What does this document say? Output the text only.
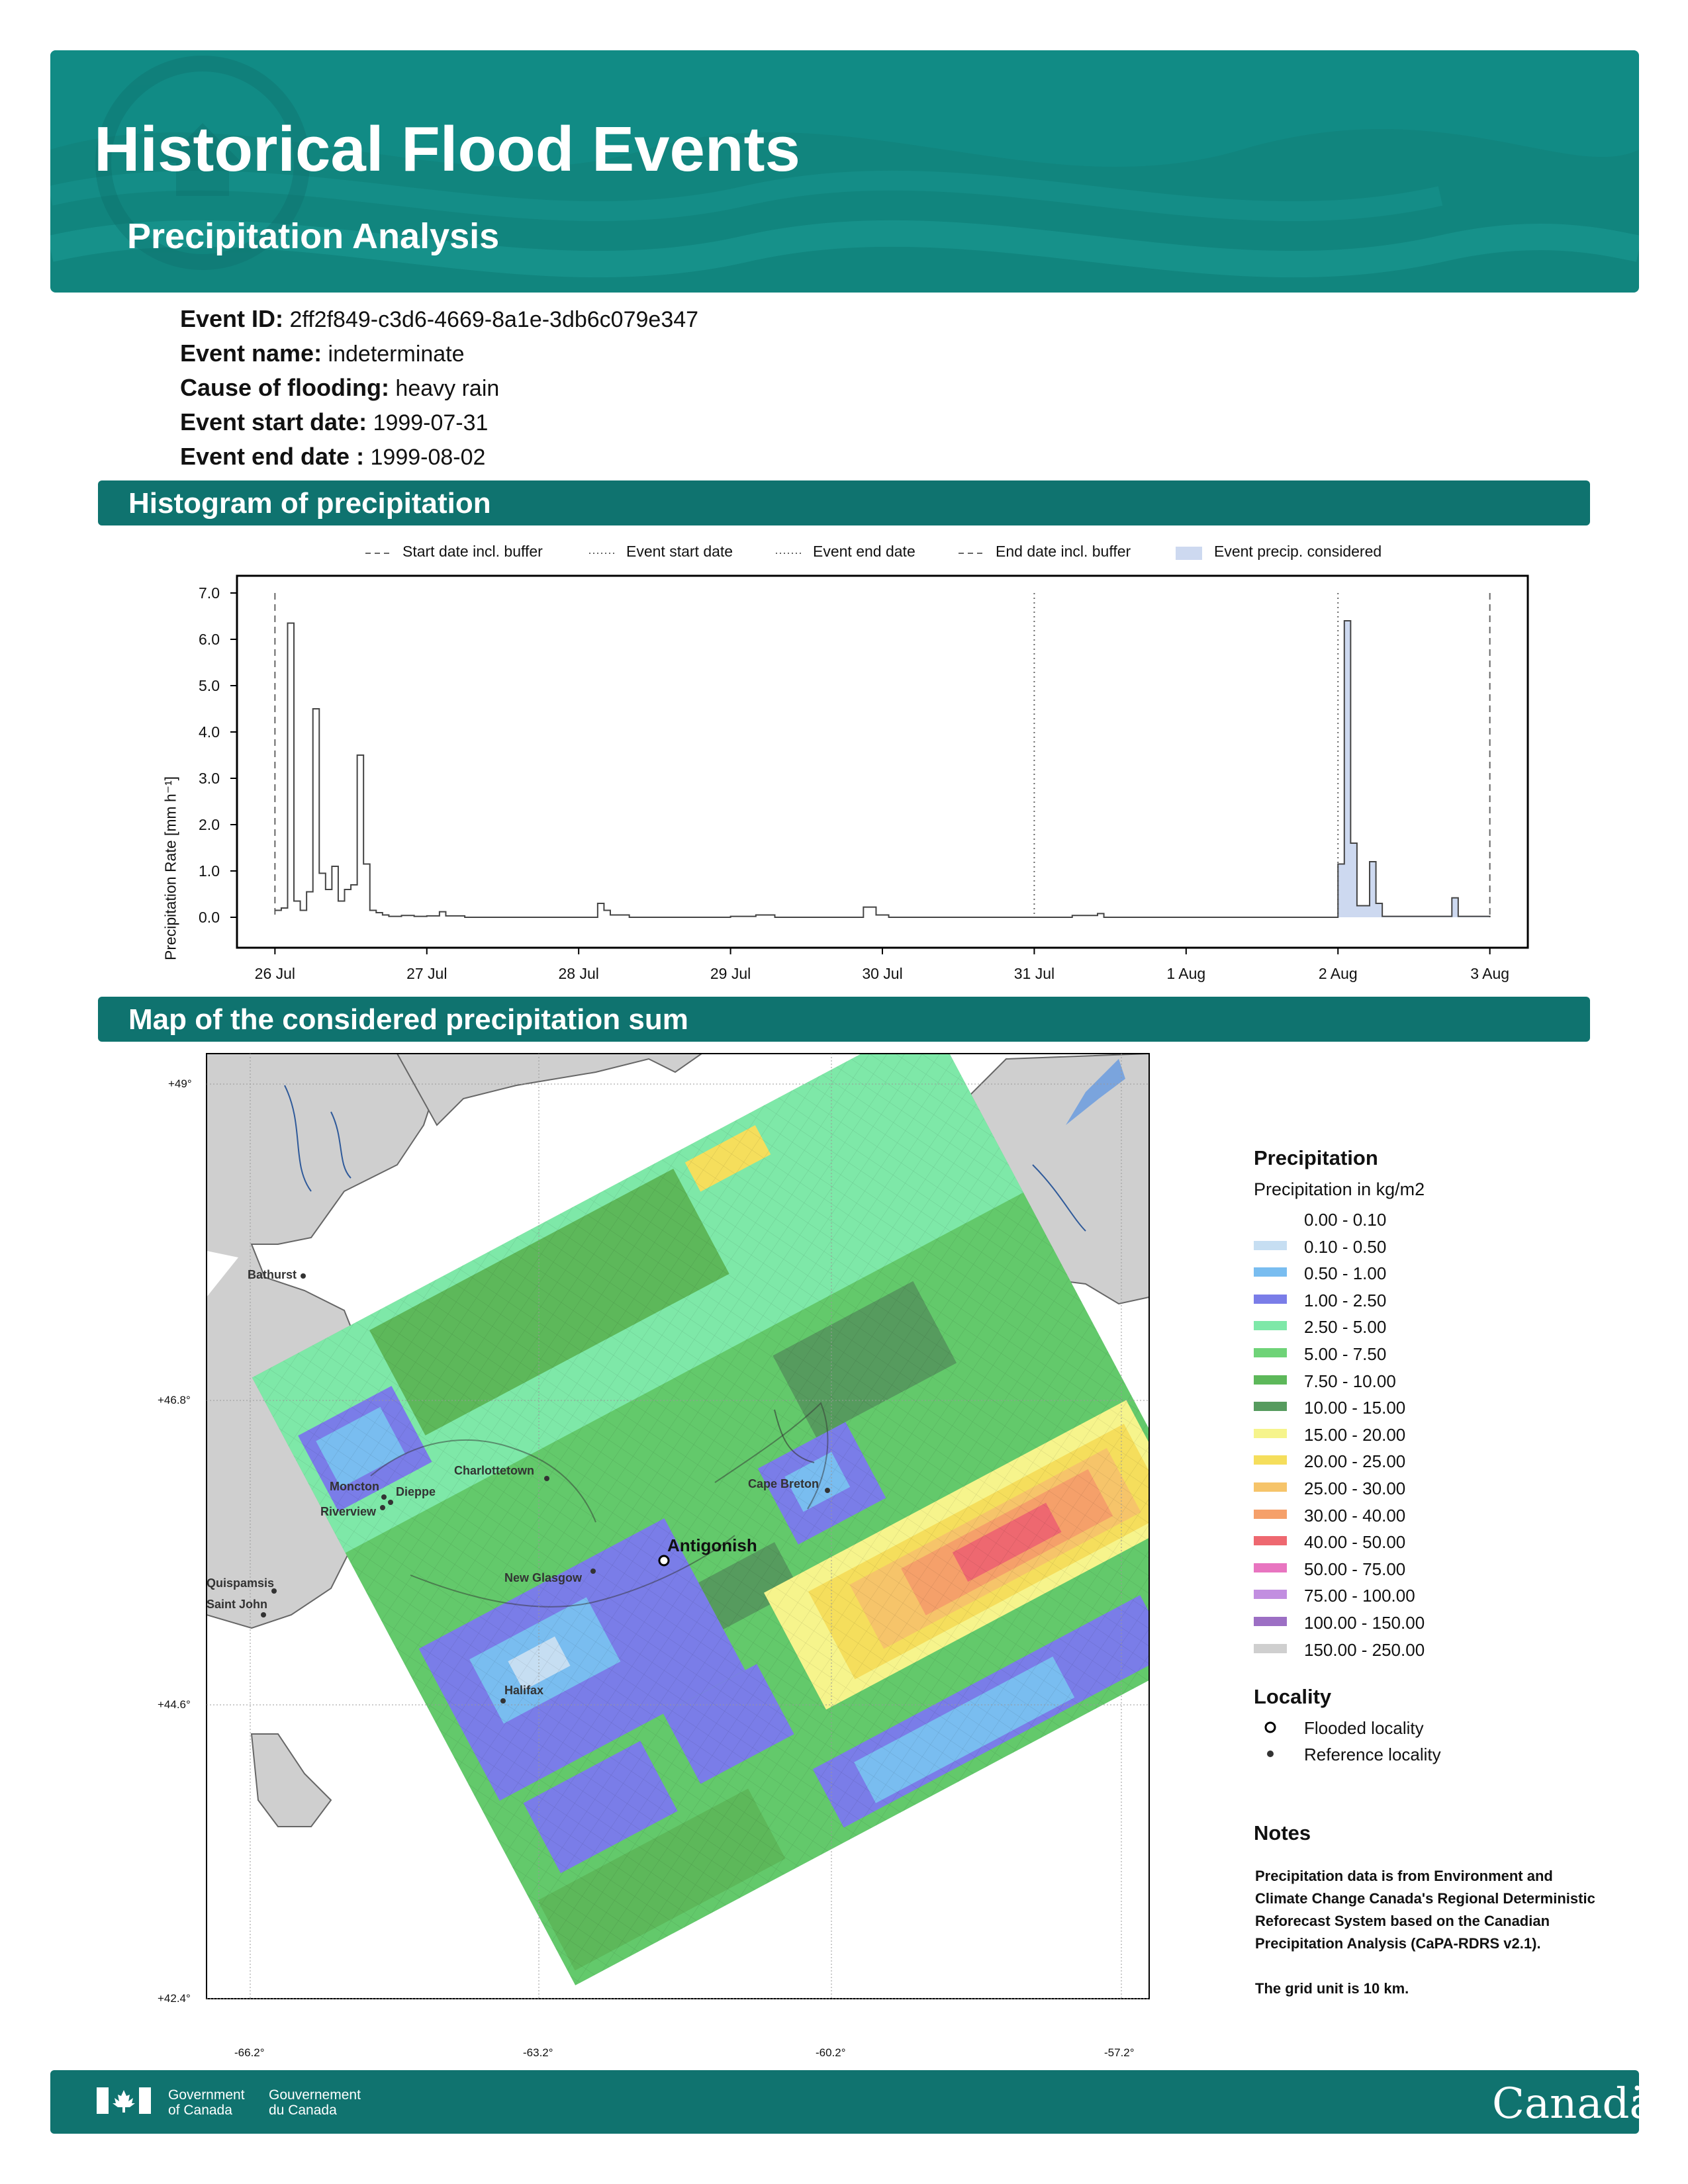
Historical Flood Events
Precipitation Analysis
Event ID: 2ff2f849-c3d6-4669-8a1e-3db6c079e347
Event name: indeterminate
Cause of flooding: heavy rain
Event start date: 1999-07-31
Event end date : 1999-08-02
Histogram of precipitation
Start date incl. buffer	Event start date	Event end date	End date incl. buffer	Event precip. considered
Precipitation Rate [mm h⁻¹]	0.0
1.0
2.0
3.0
4.0
5.0
6.0
7.0
26 Jul	27 Jul	28 Jul	29 Jul	30 Jul	31 Jul	1 Aug	2 Aug	3 Aug
Map of the considered precipitation sum
+49°
+46.8°
+44.6°
+42.4°
-66.2°	-63.2°	-60.2°	-57.2°
Bathurst
Charlottetown
Moncton Dieppe
Riverview
Cape Breton
Quispamsis
Saint John
New Glasgow
Halifax
Antigonish
Precipitation
Precipitation in kg/m2
0.00 - 0.10
0.10 - 0.50
0.50 - 1.00
1.00 - 2.50
2.50 - 5.00
5.00 - 7.50
7.50 - 10.00
10.00 - 15.00
15.00 - 20.00
20.00 - 25.00
25.00 - 30.00
30.00 - 40.00
40.00 - 50.00
50.00 - 75.00
75.00 - 100.00
100.00 - 150.00
150.00 - 250.00
Locality
Flooded locality
Reference locality
Notes
Precipitation data is from Environment and Climate Change Canada's Regional Deterministic Reforecast System based on the Canadian Precipitation Analysis (CaPA-RDRS v2.1).
The grid unit is 10 km.
Government
of Canada
Gouvernement
du Canada	Canadä
